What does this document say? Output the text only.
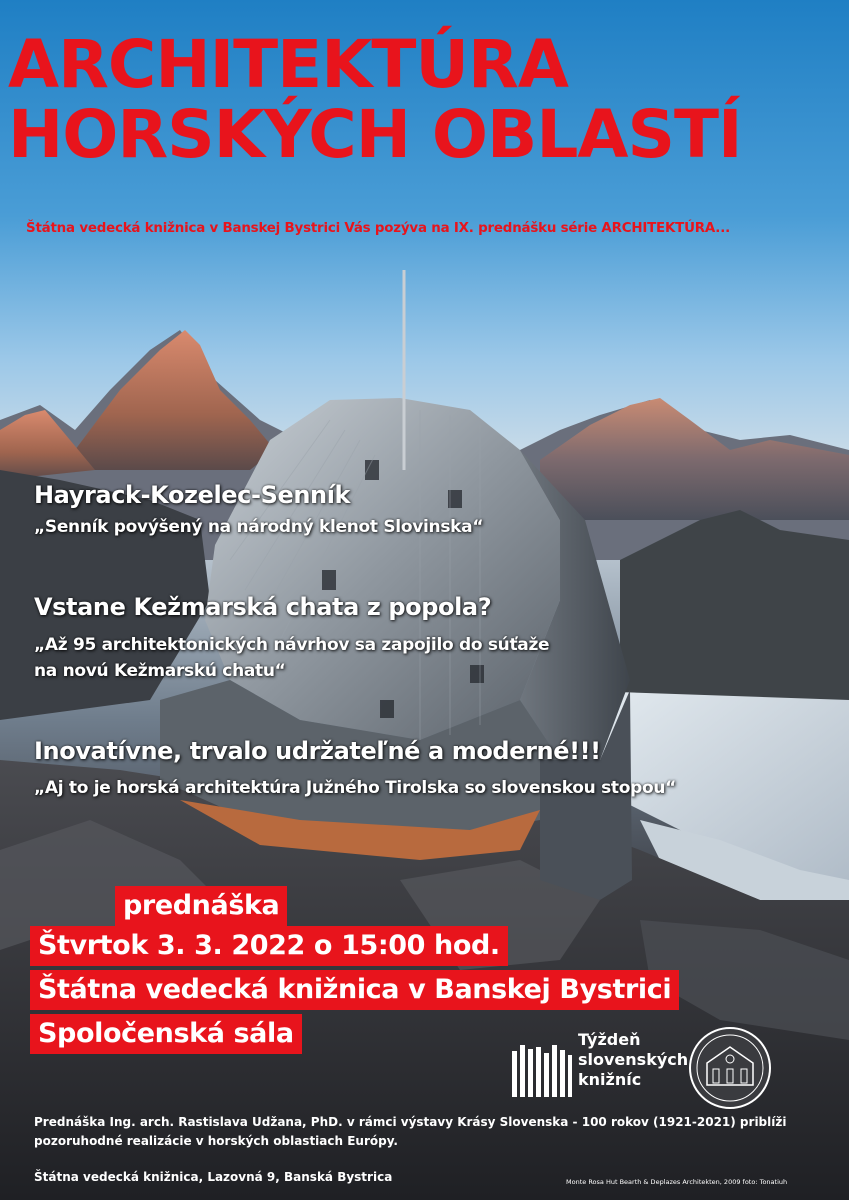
ARCHITEKTÚRA
HORSKÝCH OBLASTÍ
Štátna vedecká knižnica v Banskej Bystrici Vás pozýva na IX. prednášku série ARCHITEKTÚRA...
Hayrack-Kozelec-Senník
„Senník povýšený na národný klenot Slovinska“
Vstane Kežmarská chata z popola?
„Až 95 architektonických návrhov sa zapojilo do súťaže
na novú Kežmarskú chatu“
Inovatívne, trvalo udržateľné a moderné!!!
„Aj to je horská architektúra Južného Tirolska so slovenskou stopou“
prednáška
Štvrtok 3. 3. 2022 o 15:00 hod.
Štátna vedecká knižnica v Banskej Bystrici
Spoločenská sála	Týždeň
slovenských
knižníc
Prednáška Ing. arch. Rastislava Udžana, PhD. v rámci výstavy Krásy Slovenska - 100 rokov (1921-2021) priblíži
pozoruhodné realizácie v horských oblastiach Európy.
Štátna vedecká knižnica, Lazovná 9, Banská Bystrica	Monte Rosa Hut Bearth & Deplazes Architekten, 2009 foto: Tonatiuh
